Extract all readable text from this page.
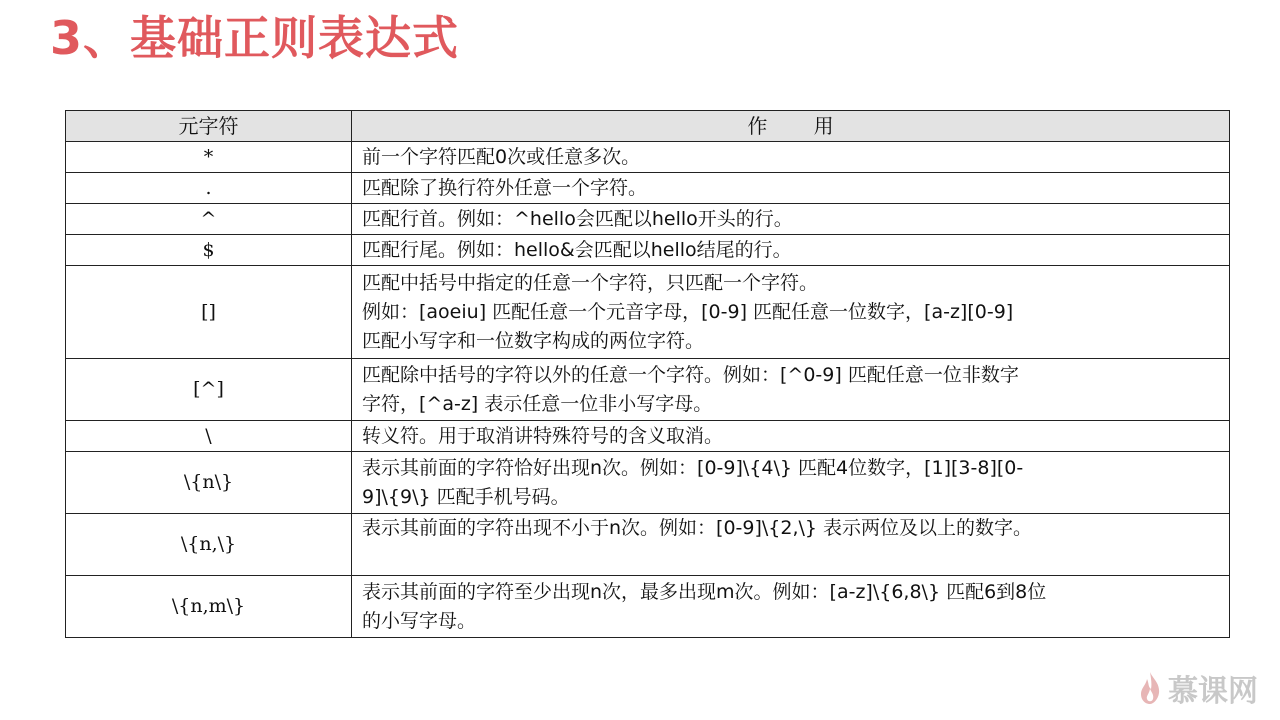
3、基础正则表达式
元字符	作 用
*	前一个字符匹配0次或任意多次。

.	匹配除了换行符外任意一个字符。

^	匹配行首。例如：^hello会匹配以hello开头的行。

$	匹配行尾。例如：hello&会匹配以hello结尾的行。

[]	匹配中括号中指定的任意一个字符，只匹配一个字符。
例如：[aoeiu] 匹配任意一个元音字母，[0-9] 匹配任意一位数字，[a-z][0-9]
匹配小写字和一位数字构成的两位字符。

[^]	匹配除中括号的字符以外的任意一个字符。例如：[^0-9] 匹配任意一位非数字
字符，[^a-z] 表示任意一位非小写字母。

\	转义符。用于取消讲特殊符号的含义取消。

\{n\}	表示其前面的字符恰好出现n次。例如：[0-9]\{4\} 匹配4位数字，[1][3-8][0-
9]\{9\} 匹配手机号码。

\{n,\}	表示其前面的字符出现不小于n次。例如：[0-9]\{2,\} 表示两位及以上的数字。

\{n,m\}	表示其前面的字符至少出现n次，最多出现m次。例如：[a-z]\{6,8\} 匹配6到8位
的小写字母。
慕课网
